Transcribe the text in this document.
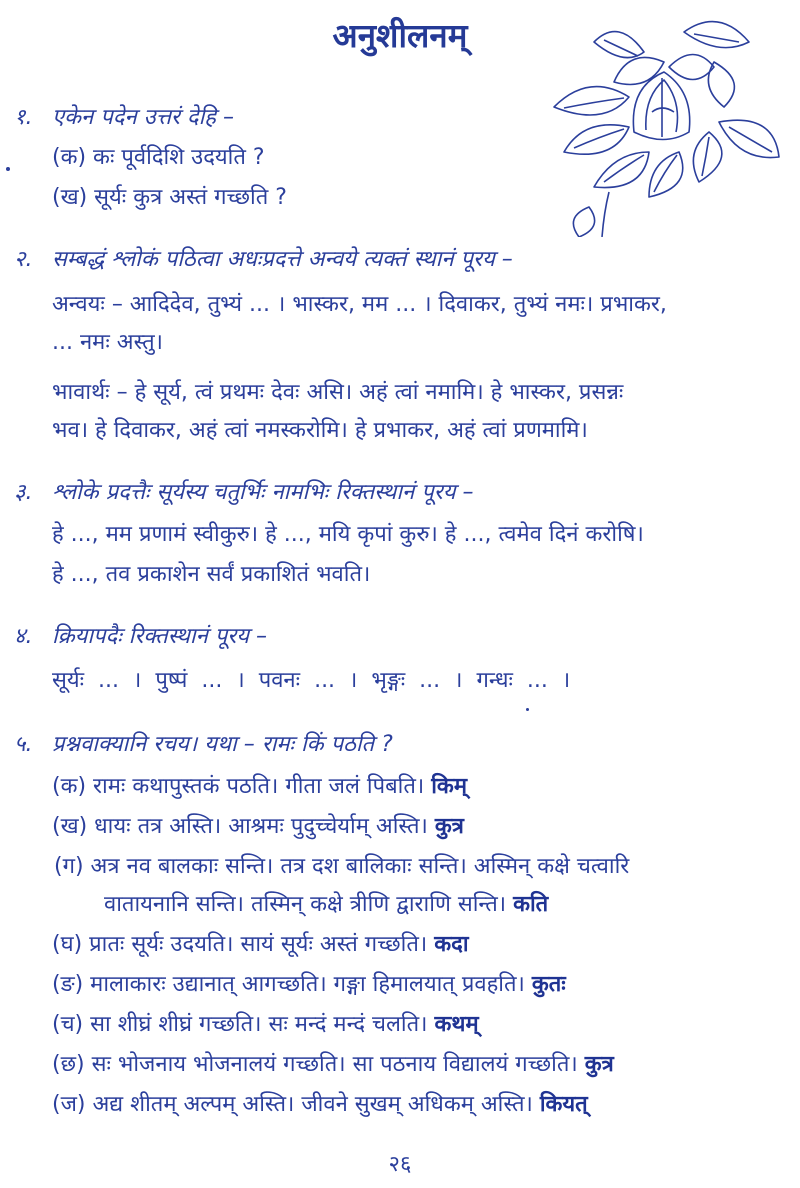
अनुशीलनम्
१. एकेन पदेन उत्तरं देहि –
(क) कः पूर्वदिशि उदयति ?
(ख) सूर्यः कुत्र अस्तं गच्छति ?
२. सम्बद्धं श्लोकं पठित्वा अधःप्रदत्ते अन्वये त्यक्तं स्थानं पूरय –
अन्वयः – आदिदेव, तुभ्यं ... । भास्कर, मम ... । दिवाकर, तुभ्यं नमः। प्रभाकर,
... नमः अस्तु।
भावार्थः – हे सूर्य, त्वं प्रथमः देवः असि। अहं त्वां नमामि। हे भास्कर, प्रसन्नः
भव। हे दिवाकर, अहं त्वां नमस्करोमि। हे प्रभाकर, अहं त्वां प्रणमामि।
३. श्लोके प्रदत्तैः सूर्यस्य चतुर्भिः नामभिः रिक्तस्थानं पूरय –
हे ..., मम प्रणामं स्वीकुरु। हे ..., मयि कृपां कुरु। हे ..., त्वमेव दिनं करोषि।
हे ..., तव प्रकाशेन सर्वं प्रकाशितं भवति।
४. क्रियापदैः रिक्तस्थानं पूरय –
सूर्यः  ...  ।  पुष्पं  ...  ।  पवनः  ...  ।  भृङ्गः  ...  ।  गन्धः  ...  ।
५. प्रश्नवाक्यानि रचय। यथा – रामः किं पठति ?
(क) रामः कथापुस्तकं पठति। गीता जलं पिबति। किम्
(ख) धायः तत्र अस्ति। आश्रमः पुदुच्चेर्याम् अस्ति। कुत्र
(ग) अत्र नव बालकाः सन्ति। तत्र दश बालिकाः सन्ति। अस्मिन् कक्षे चत्वारि
वातायनानि सन्ति। तस्मिन् कक्षे त्रीणि द्वाराणि सन्ति। कति
(घ) प्रातः सूर्यः उदयति। सायं सूर्यः अस्तं गच्छति। कदा
(ङ) मालाकारः उद्यानात् आगच्छति। गङ्गा हिमालयात् प्रवहति। कुतः
(च) सा शीघ्रं शीघ्रं गच्छति। सः मन्दं मन्दं चलति। कथम्
(छ) सः भोजनाय भोजनालयं गच्छति। सा पठनाय विद्यालयं गच्छति। कुत्र
(ज) अद्य शीतम् अल्पम् अस्ति। जीवने सुखम् अधिकम् अस्ति। कियत्
२६
